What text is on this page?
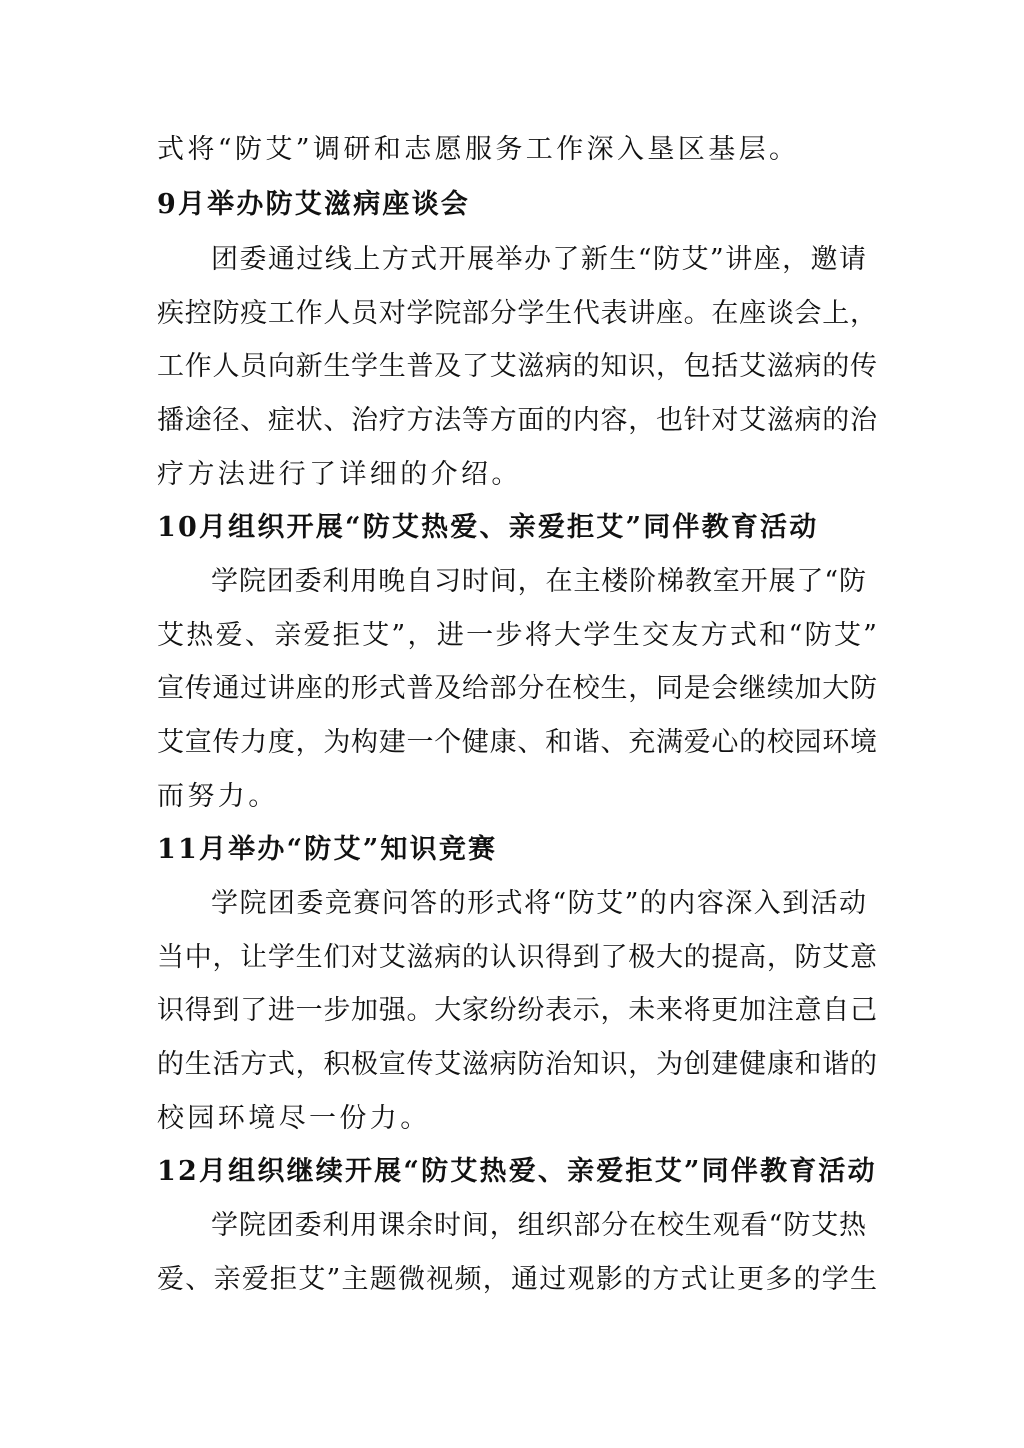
式将“防艾”调研和志愿服务工作深入垦区基层。
9月举办防艾滋病座谈会
团委通过线上方式开展举办了新生“防艾”讲座，邀请
疾控防疫工作人员对学院部分学生代表讲座。在座谈会上，
工作人员向新生学生普及了艾滋病的知识，包括艾滋病的传
播途径、症状、治疗方法等方面的内容，也针对艾滋病的治
疗方法进行了详细的介绍。
10月组织开展“防艾热爱、亲爱拒艾”同伴教育活动
学院团委利用晚自习时间，在主楼阶梯教室开展了“防
艾热爱、亲爱拒艾”，进一步将大学生交友方式和“防艾”
宣传通过讲座的形式普及给部分在校生，同是会继续加大防
艾宣传力度，为构建一个健康、和谐、充满爱心的校园环境
而努力。
11月举办“防艾”知识竞赛
学院团委竞赛问答的形式将“防艾”的内容深入到活动
当中，让学生们对艾滋病的认识得到了极大的提高，防艾意
识得到了进一步加强。大家纷纷表示，未来将更加注意自己
的生活方式，积极宣传艾滋病防治知识，为创建健康和谐的
校园环境尽一份力。
12月组织继续开展“防艾热爱、亲爱拒艾”同伴教育活动
学院团委利用课余时间，组织部分在校生观看“防艾热
爱、亲爱拒艾”主题微视频，通过观影的方式让更多的学生
